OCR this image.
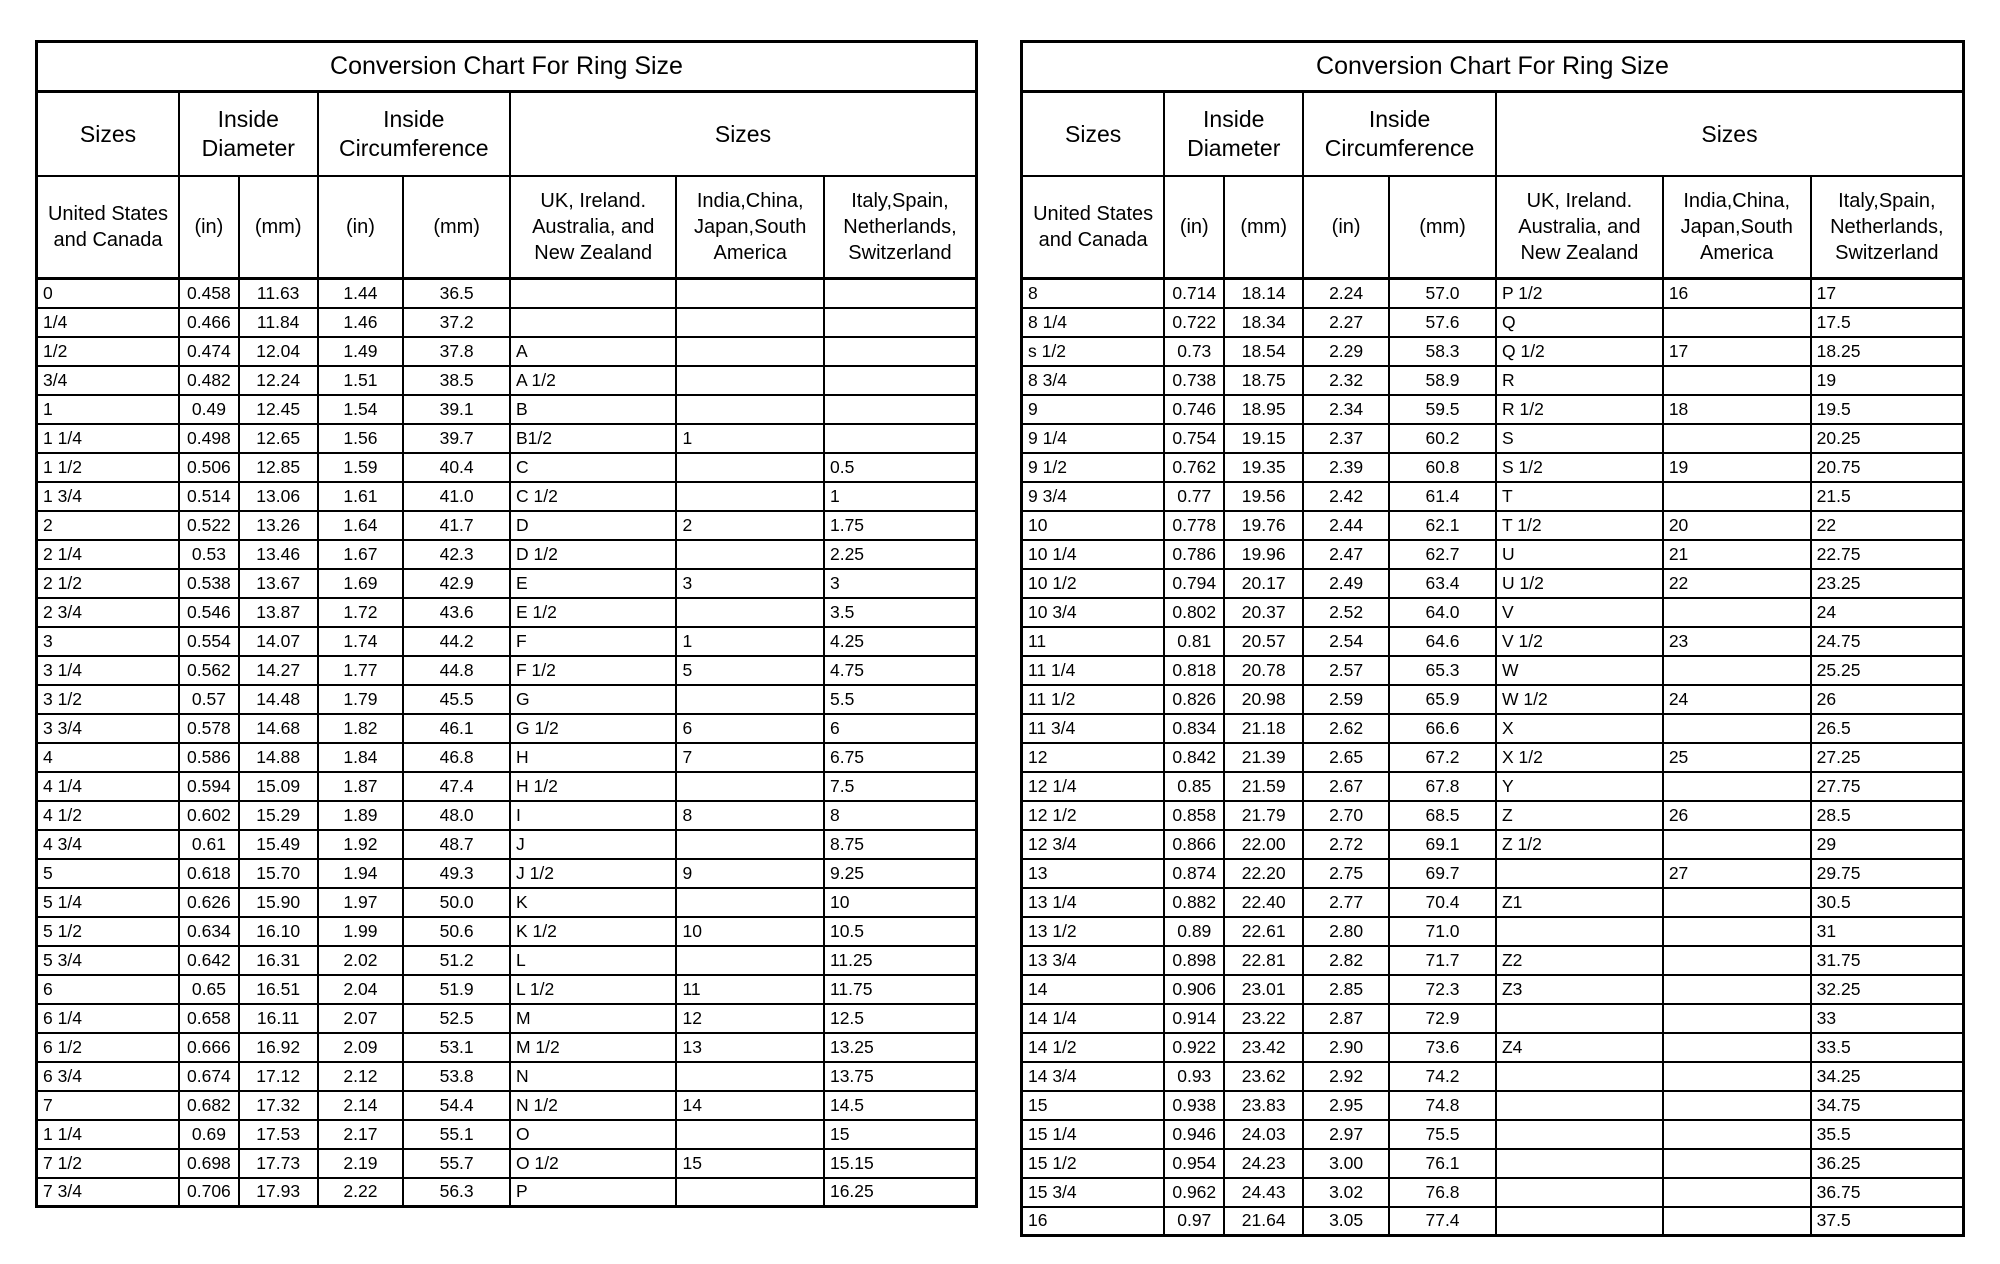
Conversion Chart For Ring Size							
Sizes	Inside Diameter		Inside Circumference		Sizes		
United States and Canada	(in)	(mm)	(in)	(mm)	UK, Ireland. Australia, and New Zealand	India,China, Japan,South America	Italy,Spain, Netherlands, Switzerland
0	0.458	11.63	1.44	36.5			
1/4	0.466	11.84	1.46	37.2			
1/2	0.474	12.04	1.49	37.8	A		
3/4	0.482	12.24	1.51	38.5	A 1/2		
1	0.49	12.45	1.54	39.1	B		
1 1/4	0.498	12.65	1.56	39.7	B1/2	1	
1 1/2	0.506	12.85	1.59	40.4	C		0.5
1 3/4	0.514	13.06	1.61	41.0	C 1/2		1
2	0.522	13.26	1.64	41.7	D	2	1.75
2 1/4	0.53	13.46	1.67	42.3	D 1/2		2.25
2 1/2	0.538	13.67	1.69	42.9	E	3	3
2 3/4	0.546	13.87	1.72	43.6	E 1/2		3.5
3	0.554	14.07	1.74	44.2	F	1	4.25
3 1/4	0.562	14.27	1.77	44.8	F 1/2	5	4.75
3 1/2	0.57	14.48	1.79	45.5	G		5.5
3 3/4	0.578	14.68	1.82	46.1	G 1/2	6	6
4	0.586	14.88	1.84	46.8	H	7	6.75
4 1/4	0.594	15.09	1.87	47.4	H 1/2		7.5
4 1/2	0.602	15.29	1.89	48.0	I	8	8
4 3/4	0.61	15.49	1.92	48.7	J		8.75
5	0.618	15.70	1.94	49.3	J 1/2	9	9.25
5 1/4	0.626	15.90	1.97	50.0	K		10
5 1/2	0.634	16.10	1.99	50.6	K 1/2	10	10.5
5 3/4	0.642	16.31	2.02	51.2	L		11.25
6	0.65	16.51	2.04	51.9	L 1/2	11	11.75
6 1/4	0.658	16.11	2.07	52.5	M	12	12.5
6 1/2	0.666	16.92	2.09	53.1	M 1/2	13	13.25
6 3/4	0.674	17.12	2.12	53.8	N		13.75
7	0.682	17.32	2.14	54.4	N 1/2	14	14.5
1 1/4	0.69	17.53	2.17	55.1	O		15
7 1/2	0.698	17.73	2.19	55.7	O 1/2	15	15.15
7 3/4	0.706	17.93	2.22	56.3	P		16.25
Conversion Chart For Ring Size							
Sizes	Inside Diameter		Inside Circumference		Sizes		
United States and Canada	(in)	(mm)	(in)	(mm)	UK, Ireland. Australia, and New Zealand	India,China, Japan,South America	Italy,Spain, Netherlands, Switzerland
8	0.714	18.14	2.24	57.0	P 1/2	16	17
8 1/4	0.722	18.34	2.27	57.6	Q		17.5
s 1/2	0.73	18.54	2.29	58.3	Q 1/2	17	18.25
8 3/4	0.738	18.75	2.32	58.9	R		19
9	0.746	18.95	2.34	59.5	R 1/2	18	19.5
9 1/4	0.754	19.15	2.37	60.2	S		20.25
9 1/2	0.762	19.35	2.39	60.8	S 1/2	19	20.75
9 3/4	0.77	19.56	2.42	61.4	T		21.5
10	0.778	19.76	2.44	62.1	T 1/2	20	22
10 1/4	0.786	19.96	2.47	62.7	U	21	22.75
10 1/2	0.794	20.17	2.49	63.4	U 1/2	22	23.25
10 3/4	0.802	20.37	2.52	64.0	V		24
11	0.81	20.57	2.54	64.6	V 1/2	23	24.75
11 1/4	0.818	20.78	2.57	65.3	W		25.25
11 1/2	0.826	20.98	2.59	65.9	W 1/2	24	26
11 3/4	0.834	21.18	2.62	66.6	X		26.5
12	0.842	21.39	2.65	67.2	X 1/2	25	27.25
12 1/4	0.85	21.59	2.67	67.8	Y		27.75
12 1/2	0.858	21.79	2.70	68.5	Z	26	28.5
12 3/4	0.866	22.00	2.72	69.1	Z 1/2		29
13	0.874	22.20	2.75	69.7		27	29.75
13 1/4	0.882	22.40	2.77	70.4	Z1		30.5
13 1/2	0.89	22.61	2.80	71.0			31
13 3/4	0.898	22.81	2.82	71.7	Z2		31.75
14	0.906	23.01	2.85	72.3	Z3		32.25
14 1/4	0.914	23.22	2.87	72.9			33
14 1/2	0.922	23.42	2.90	73.6	Z4		33.5
14 3/4	0.93	23.62	2.92	74.2			34.25
15	0.938	23.83	2.95	74.8			34.75
15 1/4	0.946	24.03	2.97	75.5			35.5
15 1/2	0.954	24.23	3.00	76.1			36.25
15 3/4	0.962	24.43	3.02	76.8			36.75
16	0.97	21.64	3.05	77.4			37.5
